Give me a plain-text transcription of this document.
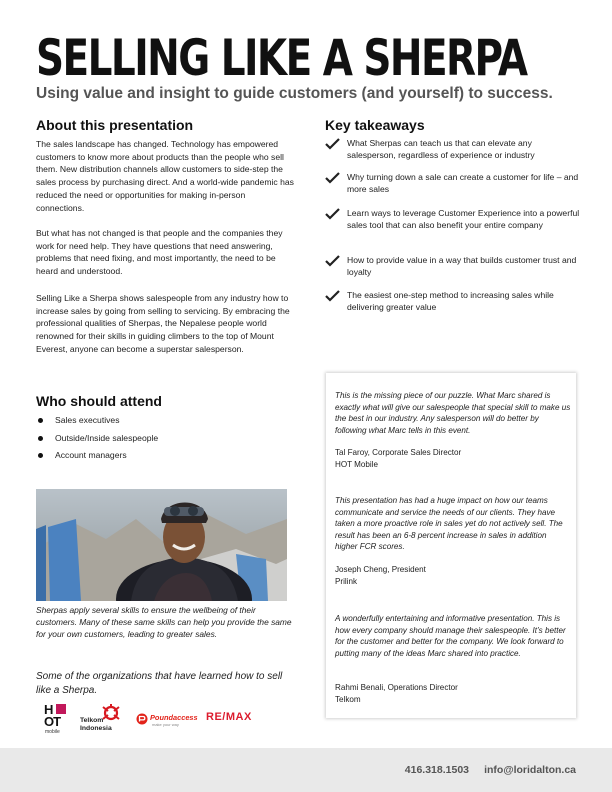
SELLING LIKE A SHERPA
Using value and insight to guide customers (and yourself) to success.
About this presentation

The sales landscape has changed. Technology has empowered customers to know more about products than the people who sell them. New distribution channels allow customers to side-step the sales process by purchasing direct. And a world-wide pandemic has reduced the need or opportunities for making in-person connections.

But what has not changed is that people and the companies they work for need help. They have questions that need answering, problems that need fixing, and most importantly, the need to be heard and understood.

Selling Like a Sherpa shows salespeople from any industry how to increase sales by going from selling to servicing. By embracing the professional qualities of Sherpas, the Nepalese people world renowned for their skills in guiding climbers to the top of Mount Everest, anyone can become a superstar salesperson.

Who should attend
Sales executives
Outside/Inside salespeople
Account managers

Sherpas apply several skills to ensure the wellbeing of their customers. Many of these same skills can help you provide the same for your own customers, leading to greater sales.

Some of the organizations that have learned how to sell like a Sherpa.

H
OT
mobile
Telkom
Indonesia
Poundaccess
make your way
RE/MAX
Key takeaways
What Sherpas can teach us that can elevate any salesperson, regardless of experience or industry
Why turning down a sale can create a customer for life – and more sales
Learn ways to leverage Customer Experience into a powerful sales tool that can also benefit your entire company
How to provide value in a way that builds customer trust and loyalty
The easiest one-step method to increasing sales while delivering greater value

This is the missing piece of our puzzle. What Marc shared is exactly what will give our salespeople that special skill to make us the best in our industry. Any salesperson will do better by following what Marc tells in this event.

Tal Faroy, Corporate Sales Director
HOT Mobile

This presentation has had a huge impact on how our teams communicate and service the needs of our clients. They have taken a more proactive role in sales yet do not actively sell. The result has been an 6-8 percent increase in sales in addition higher FCR scores.

Joseph Cheng, President
Prilink

A wonderfully entertaining and informative presentation. This is how every company should manage their salespeople. It’s better for the customer and better for the company. We look forward to putting many of the ideas Marc shared into practice.

Rahmi Benali, Operations Director
Telkom

416.318.1503 info@loridalton.ca
